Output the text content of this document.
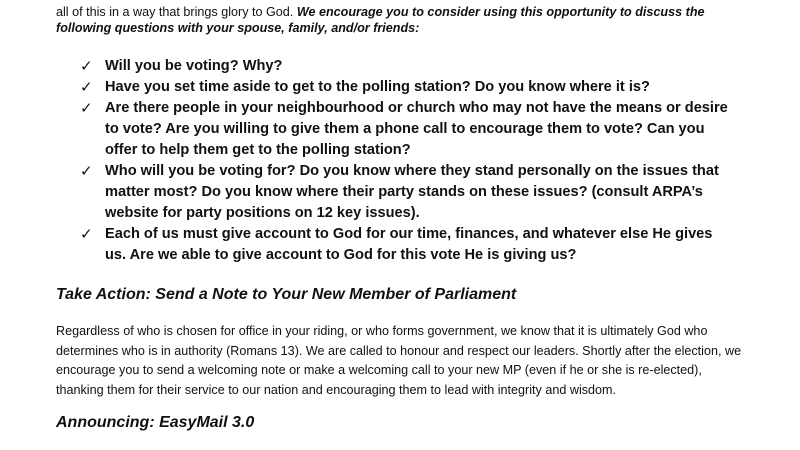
all of this in a way that brings glory to God. We encourage you to consider using this opportunity to discuss the following questions with your spouse, family, and/or friends:

✓ Will you be voting? Why?
✓ Have you set time aside to get to the polling station? Do you know where it is?
✓ Are there people in your neighbourhood or church who may not have the means or desire to vote? Are you willing to give them a phone call to encourage them to vote? Can you offer to help them get to the polling station?
✓ Who will you be voting for? Do you know where they stand personally on the issues that matter most? Do you know where their party stands on these issues? (consult ARPA’s website for party positions on 12 key issues).
✓ Each of us must give account to God for our time, finances, and whatever else He gives us. Are we able to give account to God for this vote He is giving us?
Take Action: Send a Note to Your New Member of Parliament

Regardless of who is chosen for office in your riding, or who forms government, we know that it is ultimately God who determines who is in authority (Romans 13). We are called to honour and respect our leaders. Shortly after the election, we encourage you to send a welcoming note or make a welcoming call to your new MP (even if he or she is re-elected), thanking them for their service to our nation and encouraging them to lead with integrity and wisdom.

Announcing: EasyMail 3.0
